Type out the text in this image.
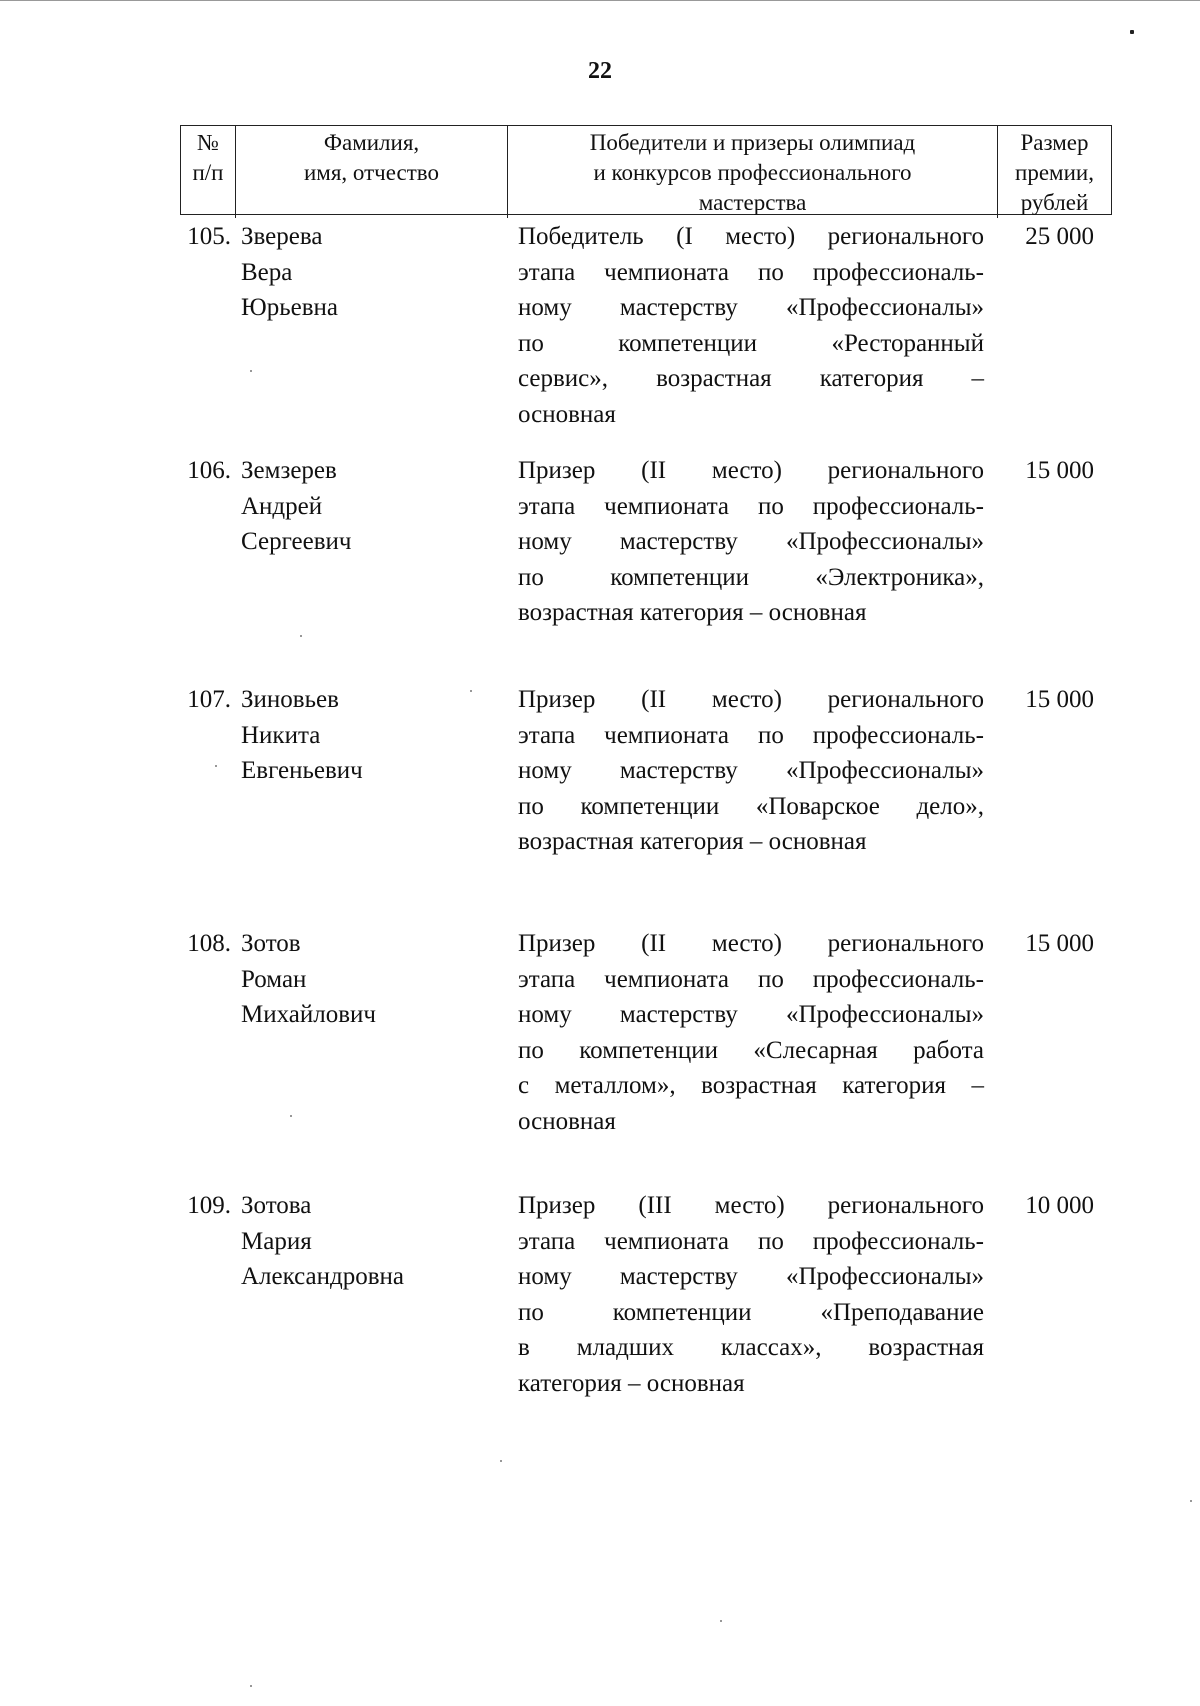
22
№
п/п
Фамилия,
имя, отчество
Победители и призеры олимпиад
и конкурсов профессионального
мастерства
Размер
премии,
рублей
105. Зверева
Вера
Юрьевна
Победитель (I место) регионального
этапа чемпионата по профессиональ-
ному мастерству «Профессионалы»
по компетенции «Ресторанный
сервис», возрастная категория –
основная
25 000
106. Земзерев
Андрей
Сергеевич
Призер (II место) регионального
этапа чемпионата по профессиональ-
ному мастерству «Профессионалы»
по компетенции «Электроника»,
возрастная категория – основная
15 000
107. Зиновьев
Никита
Евгеньевич
Призер (II место) регионального
этапа чемпионата по профессиональ-
ному мастерству «Профессионалы»
по компетенции «Поварское дело»,
возрастная категория – основная
15 000
108. Зотов
Роман
Михайлович
Призер (II место) регионального
этапа чемпионата по профессиональ-
ному мастерству «Профессионалы»
по компетенции «Слесарная работа
с металлом», возрастная категория –
основная
15 000
109. Зотова
Мария
Александровна
Призер (III место) регионального
этапа чемпионата по профессиональ-
ному мастерству «Профессионалы»
по компетенции «Преподавание
в младших классах», возрастная
категория – основная
10 000
